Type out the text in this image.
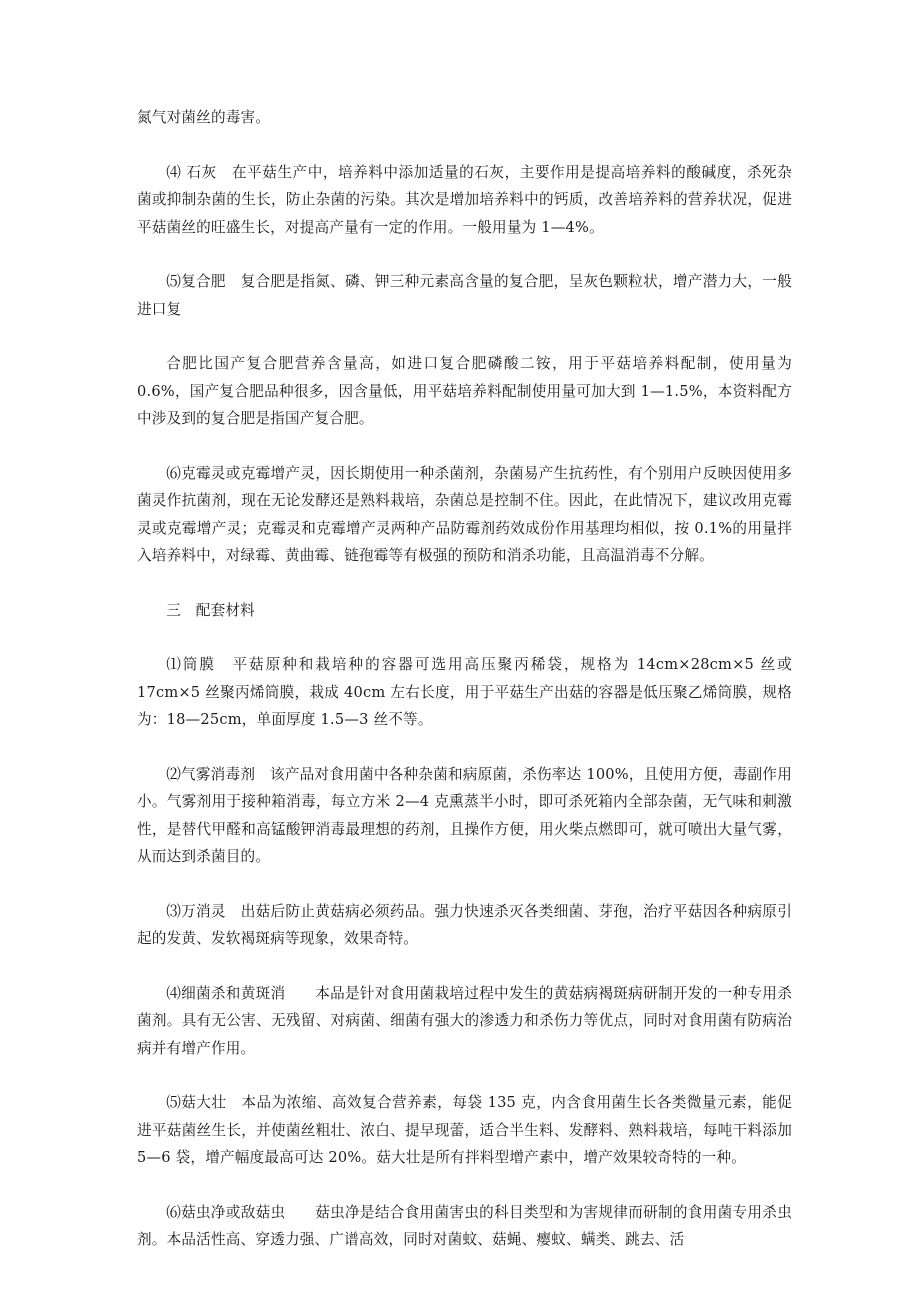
氮气对菌丝的毒害。

⑷ 石灰　在平菇生产中，培养料中添加适量的石灰，主要作用是提高培养料的酸碱度，杀死杂菌或抑制杂菌的生长，防止杂菌的污染。其次是增加培养料中的钙质，改善培养料的营养状况，促进平菇菌丝的旺盛生长，对提高产量有一定的作用。一般用量为 1—4%。

⑸复合肥　复合肥是指氮、磷、钾三种元素高含量的复合肥，呈灰色颗粒状，增产潜力大，一般进口复

合肥比国产复合肥营养含量高，如进口复合肥磷酸二铵，用于平菇培养料配制，使用量为 0.6%，国产复合肥品种很多，因含量低，用平菇培养料配制使用量可加大到 1—1.5%，本资料配方中涉及到的复合肥是指国产复合肥。

⑹克霉灵或克霉增产灵，因长期使用一种杀菌剂，杂菌易产生抗药性，有个别用户反映因使用多菌灵作抗菌剂，现在无论发酵还是熟料栽培，杂菌总是控制不住。因此，在此情况下，建议改用克霉灵或克霉增产灵；克霉灵和克霉增产灵两种产品防霉剂药效成份作用基理均相似，按 0.1%的用量拌入培养料中，对绿霉、黄曲霉、链孢霉等有极强的预防和消杀功能，且高温消毒不分解。

三　配套材料

⑴筒膜　平菇原种和栽培种的容器可选用高压聚丙稀袋，规格为 14cm×28cm×5 丝或 17cm×5 丝聚丙烯筒膜，栽成 40cm 左右长度，用于平菇生产出菇的容器是低压聚乙烯筒膜，规格为：18—25cm，单面厚度 1.5—3 丝不等。

⑵气雾消毒剂　该产品对食用菌中各种杂菌和病原菌，杀伤率达 100%，且使用方便，毒副作用小。气雾剂用于接种箱消毒，每立方米 2—4 克熏蒸半小时，即可杀死箱内全部杂菌，无气味和刺激性，是替代甲醛和高锰酸钾消毒最理想的药剂，且操作方便，用火柴点燃即可，就可喷出大量气雾，从而达到杀菌目的。

⑶万消灵　出菇后防止黄菇病必须药品。强力快速杀灭各类细菌、芽孢，治疗平菇因各种病原引起的发黄、发软褐斑病等现象，效果奇特。

⑷细菌杀和黄斑消　　本品是针对食用菌栽培过程中发生的黄菇病褐斑病研制开发的一种专用杀菌剂。具有无公害、无残留、对病菌、细菌有强大的渗透力和杀伤力等优点，同时对食用菌有防病治病并有增产作用。

⑸菇大壮　本品为浓缩、高效复合营养素，每袋 135 克，内含食用菌生长各类微量元素，能促进平菇菌丝生长，并使菌丝粗壮、浓白、提早现蕾，适合半生料、发酵料、熟料栽培，每吨干料添加 5—6 袋，增产幅度最高可达 20%。菇大壮是所有拌料型增产素中，增产效果较奇特的一种。

⑹菇虫净或敌菇虫　　菇虫净是结合食用菌害虫的科目类型和为害规律而研制的食用菌专用杀虫剂。本品活性高、穿透力强、广谱高效，同时对菌蚊、菇蝇、瘿蚊、螨类、跳去、活
